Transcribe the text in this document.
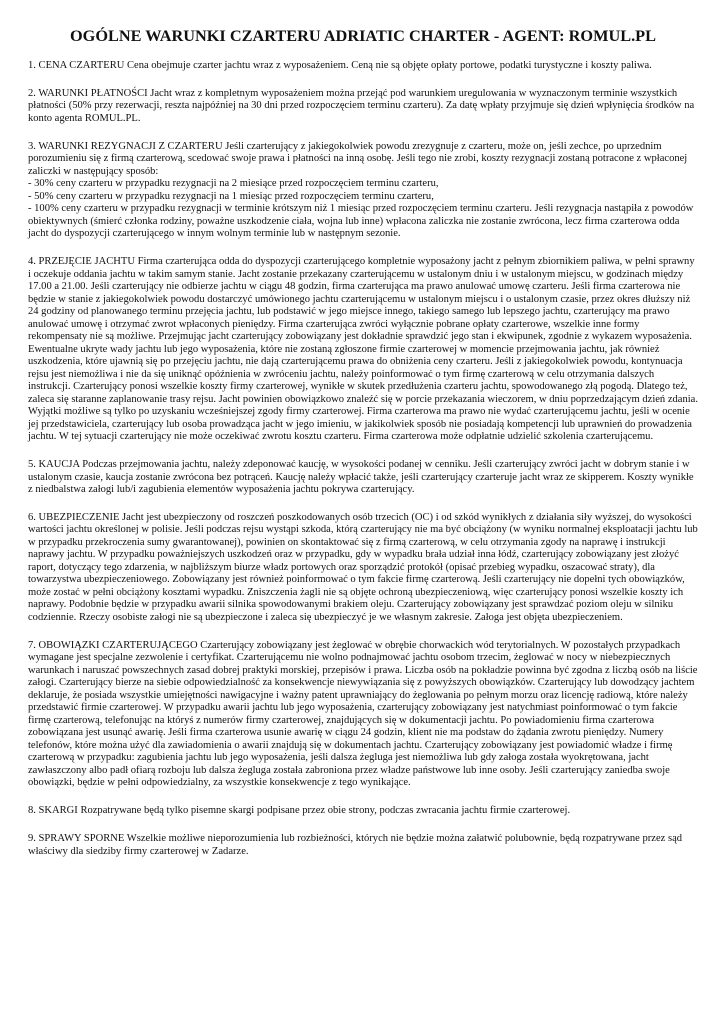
OGÓLNE WARUNKI CZARTERU ADRIATIC CHARTER - AGENT: ROMUL.PL

1. CENA CZARTERU Cena obejmuje czarter jachtu wraz z wyposażeniem. Ceną nie są objęte opłaty portowe, podatki turystyczne i koszty paliwa.

2. WARUNKI PŁATNOŚCI Jacht wraz z kompletnym wyposażeniem można przejąć pod warunkiem uregulowania w wyznaczonym terminie wszystkich płatności (50% przy rezerwacji, reszta najpóźniej na 30 dni przed rozpoczęciem terminu czarteru). Za datę wpłaty przyjmuje się dzień wpłynięcia środków na konto agenta ROMUL.PL.

3. WARUNKI REZYGNACJI Z CZARTERU Jeśli czarterujący z jakiegokolwiek powodu zrezygnuje z czarteru, może on, jeśli zechce, po uprzednim porozumieniu się z firmą czarterową, scedować swoje prawa i płatności na inną osobę. Jeśli tego nie zrobi, koszty rezygnacji zostaną potracone z wpłaconej zaliczki w następujący sposób:

- 30% ceny czarteru w przypadku rezygnacji na 2 miesiące przed rozpoczęciem terminu czarteru,
- 50% ceny czarteru w przypadku rezygnacji na 1 miesiąc przed rozpoczęciem terminu czarteru,
- 100% ceny czarteru w przypadku rezygnacji w terminie krótszym niż 1 miesiąc przed rozpoczęciem terminu czarteru. Jeśli rezygnacja nastąpiła z powodów obiektywnych (śmierć członka rodziny, poważne uszkodzenie ciała, wojna lub inne) wpłacona zaliczka nie zostanie zwrócona, lecz firma czarterowa odda jacht do dyspozycji czarterującego w innym wolnym terminie lub w następnym sezonie.

4. PRZEJĘCIE JACHTU Firma czarterująca odda do dyspozycji czarterującego kompletnie wyposażony jacht z pełnym zbiornikiem paliwa, w pełni sprawny i oczekuje oddania jachtu w takim samym stanie. Jacht zostanie przekazany czarterującemu w ustalonym dniu i w ustalonym miejscu, w godzinach między 17.00 a 21.00. Jeśli czarterujący nie odbierze jachtu w ciągu 48 godzin, firma czarterująca ma prawo anulować umowę czarteru. Jeśli firma czarterowa nie będzie w stanie z jakiegokolwiek powodu dostarczyć umówionego jachtu czarterującemu w ustalonym miejscu i o ustalonym czasie, przez okres dłuższy niż 24 godziny od planowanego terminu przejęcia jachtu, lub podstawić w jego miejsce innego, takiego samego lub lepszego jachtu, czarterujący ma prawo anulować umowę i otrzymać zwrot wpłaconych pieniędzy. Firma czarterująca zwróci wyłącznie pobrane opłaty czarterowe, wszelkie inne formy rekompensaty nie są możliwe. Przejmując jacht czarterujący zobowiązany jest dokładnie sprawdzić jego stan i ekwipunek, zgodnie z wykazem wyposażenia. Ewentualne ukryte wady jachtu lub jego wyposażenia, które nie zostaną zgłoszone firmie czarterowej w momencie przejmowania jachtu, jak również uszkodzenia, które ujawnią się po przejęciu jachtu, nie dają czarterującemu prawa do obniżenia ceny czarteru. Jeśli z jakiegokolwiek powodu, kontynuacja rejsu jest niemożliwa i nie da się uniknąć opóźnienia w zwróceniu jachtu, należy poinformować o tym firmę czarterową w celu otrzymania dalszych instrukcji. Czarterujący ponosi wszelkie koszty firmy czarterowej, wynikłe w skutek przedłużenia czarteru jachtu, spowodowanego złą pogodą. Dlatego też, zaleca się staranne zaplanowanie trasy rejsu. Jacht powinien obowiązkowo znaleźć się w porcie przekazania wieczorem, w dniu poprzedzającym dzień zdania. Wyjątki możliwe są tylko po uzyskaniu wcześniejszej zgody firmy czarterowej. Firma czarterowa ma prawo nie wydać czarterującemu jachtu, jeśli w ocenie jej przedstawiciela, czarterujący lub osoba prowadząca jacht w jego imieniu, w jakikolwiek sposób nie posiadają kompetencji lub uprawnień do prowadzenia jachtu. W tej sytuacji czarterujący nie może oczekiwać zwrotu kosztu czarteru. Firma czarterowa może odpłatnie udzielić szkolenia czarterującemu.

5. KAUCJA Podczas przejmowania jachtu, należy zdeponować kaucję, w wysokości podanej w cenniku. Jeśli czarterujący zwróci jacht w dobrym stanie i w ustalonym czasie, kaucja zostanie zwrócona bez potrąceń. Kaucję należy wpłacić także, jeśli czarterujący czarteruje jacht wraz ze skipperem. Koszty wynikłe z niedbalstwa załogi lub/i zagubienia elementów wyposażenia jachtu pokrywa czarterujący.

6. UBEZPIECZENIE Jacht jest ubezpieczony od roszczeń poszkodowanych osób trzecich (OC) i od szkód wynikłych z działania siły wyższej, do wysokości wartości jachtu określonej w polisie. Jeśli podczas rejsu wystąpi szkoda, którą czarterujący nie ma być obciążony (w wyniku normalnej eksploatacji jachtu lub w przypadku przekroczenia sumy gwarantowanej), powinien on skontaktować się z firmą czarterową, w celu otrzymania zgody na naprawę i instrukcji naprawy jachtu. W przypadku poważniejszych uszkodzeń oraz w przypadku, gdy w wypadku brała udział inna łódź, czarterujący zobowiązany jest złożyć raport, dotyczący tego zdarzenia, w najbliższym biurze władz portowych oraz sporządzić protokół (opisać przebieg wypadku, oszacować straty), dla towarzystwa ubezpieczeniowego. Zobowiązany jest również poinformować o tym fakcie firmę czarterową. Jeśli czarterujący nie dopełni tych obowiązków, może zostać w pełni obciążony kosztami wypadku. Zniszczenia żagli nie są objęte ochroną ubezpieczeniową, więc czarterujący ponosi wszelkie koszty ich naprawy. Podobnie będzie w przypadku awarii silnika spowodowanymi brakiem oleju. Czarterujący zobowiązany jest sprawdzać poziom oleju w silniku codziennie. Rzeczy osobiste załogi nie są ubezpieczone i zaleca się ubezpieczyć je we własnym zakresie. Załoga jest objęta ubezpieczeniem.

7. OBOWIĄZKI CZARTERUJĄCEGO Czarterujący zobowiązany jest żeglować w obrębie chorwackich wód terytorialnych. W pozostałych przypadkach wymagane jest specjalne zezwolenie i certyfikat. Czarterującemu nie wolno podnajmować jachtu osobom trzecim, żeglować w nocy w niebezpiecznych warunkach i naruszać powszechnych zasad dobrej praktyki morskiej, przepisów i prawa. Liczba osób na pokładzie powinna być zgodna z liczbą osób na liście załogi. Czarterujący bierze na siebie odpowiedzialność za konsekwencje niewywiązania się z powyższych obowiązków. Czarterujący lub dowodzący jachtem deklaruje, że posiada wszystkie umiejętności nawigacyjne i ważny patent uprawniający do żeglowania po pełnym morzu oraz licencję radiową, które należy przedstawić firmie czarterowej. W przypadku awarii jachtu lub jego wyposażenia, czarterujący zobowiązany jest natychmiast poinformować o tym fakcie firmę czarterową, telefonując na któryś z numerów firmy czarterowej, znajdujących się w dokumentacji jachtu. Po powiadomieniu firma czarterowa zobowiązana jest usunąć awarię. Jeśli firma czarterowa usunie awarię w ciągu 24 godzin, klient nie ma podstaw do żądania zwrotu pieniędzy. Numery telefonów, które można użyć dla zawiadomienia o awarii znajdują się w dokumentach jachtu. Czarterujący zobowiązany jest powiadomić władze i firmę czarterową w przypadku: zagubienia jachtu lub jego wyposażenia, jeśli dalsza żegluga jest niemożliwa lub gdy załoga została wyokrętowana, jacht zawłaszczony albo padł ofiarą rozboju lub dalsza żegluga została zabroniona przez władze państwowe lub inne osoby. Jeśli czarterujący zaniedba swoje obowiązki, będzie w pełni odpowiedzialny, za wszystkie konsekwencje z tego wynikające.

8. SKARGI Rozpatrywane będą tylko pisemne skargi podpisane przez obie strony, podczas zwracania jachtu firmie czarterowej.

9. SPRAWY SPORNE Wszelkie możliwe nieporozumienia lub rozbieżności, których nie będzie można załatwić polubownie, będą rozpatrywane przez sąd właściwy dla siedziby firmy czarterowej w Zadarze.
